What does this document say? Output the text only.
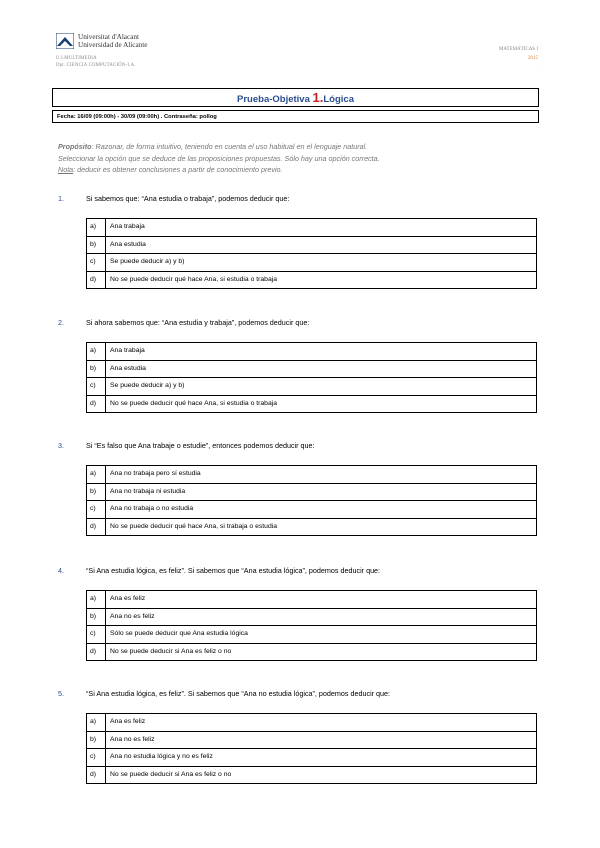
Universitat d'Alacant
Universidad de Alicante
U.I.MULTIMEDIA
Dpt. CIENCIA COMPUTACIÓN-I.A.
MATEMÁTICAS I
2015
.
Prueba-Objetiva 1.Lógica
Fecha: 16/09 (09:00h) - 30/09 (09:00h) . Contraseña: pollog
Propósito: Razonar, de forma intuitivo, teniendo en cuenta el uso habitual en el lenguaje natural.
Seleccionar la opción que se deduce de las proposiciones propuestas. Sólo hay una opción correcta.
Nota: deducir es obtener conclusiones a partir de conocimiento previo.
1.	Si sabemos que: “Ana estudia o trabaja”, podemos deducir que:
a)	Ana trabaja
b)	Ana estudia
c)	Se puede deducir a) y b)
d)	No se puede deducir qué hace Ana, si estudia o trabaja
2.	Si ahora sabemos que: “Ana estudia y trabaja”, podemos deducir que:
a)	Ana trabaja
b)	Ana estudia
c)	Se puede deducir a) y b)
d)	No se puede deducir qué hace Ana, si estudia o trabaja
3.	Si “Es falso que Ana trabaje o estudie”, entonces podemos deducir que:
a)	Ana no trabaja pero sí estudia
b)	Ana no trabaja ni estudia
c)	Ana no trabaja o no estudia
d)	No se puede deducir qué hace Ana, si trabaja o estudia
4.	“Si Ana estudia lógica, es feliz”. Si sabemos que “Ana estudia lógica”, podemos deducir que:
a)	Ana es feliz
b)	Ana no es feliz
c)	Sólo se puede deducir que Ana estudia lógica
d)	No se puede deducir si Ana es feliz o no
5.	“Si Ana estudia lógica, es feliz”. Si sabemos que “Ana no estudia lógica”, podemos deducir que:
a)	Ana es feliz
b)	Ana no es feliz
c)	Ana no estudia lógica y no es feliz
d)	No se puede deducir si Ana es feliz o no
